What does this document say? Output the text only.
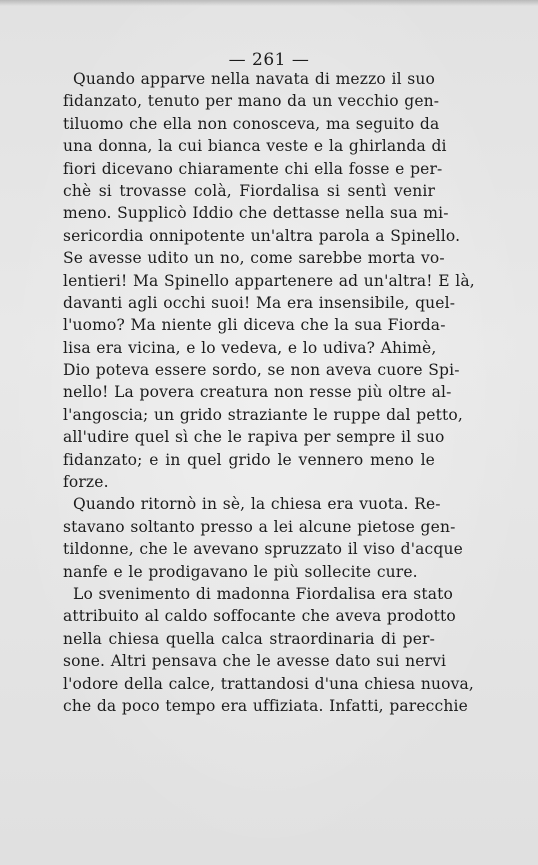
— 261 —
Quando apparve nella navata di mezzo il suo
fidanzato, tenuto per mano da un vecchio gen-
tiluomo che ella non conosceva, ma seguito da
una donna, la cui bianca veste e la ghirlanda di
fiori dicevano chiaramente chi ella fosse e per-
chè si trovasse colà, Fiordalisa si sentì venir
meno. Supplicò Iddio che dettasse nella sua mi-
sericordia onnipotente un'altra parola a Spinello.
Se avesse udito un no, come sarebbe morta vo-
lentieri! Ma Spinello appartenere ad un'altra! E là,
davanti agli occhi suoi! Ma era insensibile, quel-
l'uomo? Ma niente gli diceva che la sua Fiorda-
lisa era vicina, e lo vedeva, e lo udiva? Ahimè,
Dio poteva essere sordo, se non aveva cuore Spi-
nello! La povera creatura non resse più oltre al-
l'angoscia; un grido straziante le ruppe dal petto,
all'udire quel sì che le rapiva per sempre il suo
fidanzato; e in quel grido le vennero meno le
forze.
Quando ritornò in sè, la chiesa era vuota. Re-
stavano soltanto presso a lei alcune pietose gen-
tildonne, che le avevano spruzzato il viso d'acque
nanfe e le prodigavano le più sollecite cure.
Lo svenimento di madonna Fiordalisa era stato
attribuito al caldo soffocante che aveva prodotto
nella chiesa quella calca straordinaria di per-
sone. Altri pensava che le avesse dato sui nervi
l'odore della calce, trattandosi d'una chiesa nuova,
che da poco tempo era uffiziata. Infatti, parecchie
